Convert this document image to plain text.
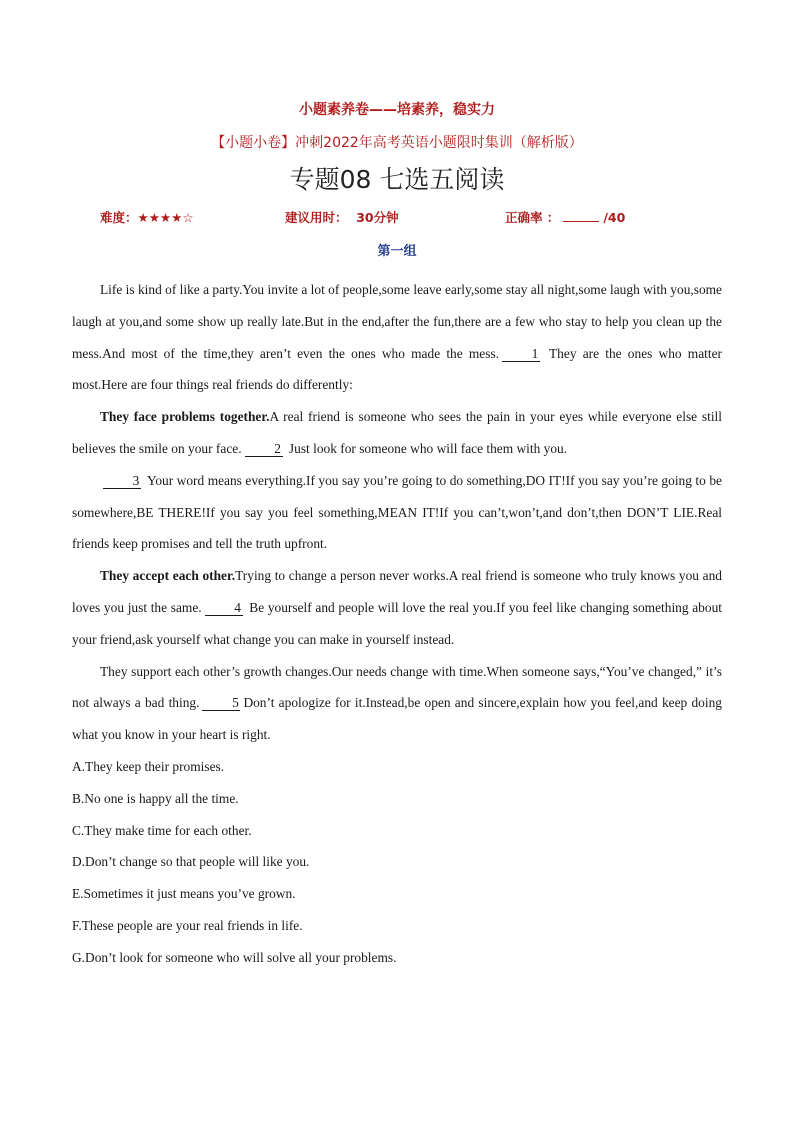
小题素养卷——培素养，稳实力
【小题小卷】冲刺2022年高考英语小题限时集训（解析版）
专题08 七选五阅读
难度：★★★★☆	建议用时： 30分钟	正确率 ：	/40
第一组

Life is kind of like a party.You invite a lot of people,some leave early,some stay all night,some laugh with you,some laugh at you,and some show up really late.But in the end,after the fun,there are a few who stay to help you clean up the mess.And most of the time,they aren’t even the ones who made the mess. 1 They are the ones who matter most.Here are four things real friends do differently:

They face problems together.A real friend is someone who sees the pain in your eyes while everyone else still believes the smile on your face. 2 Just look for someone who will face them with you.

3 Your word means everything.If you say you’re going to do something,DO IT!If you say you’re going to be somewhere,BE THERE!If you say you feel something,MEAN IT!If you can’t,won’t,and don’t,then DON’T LIE.Real friends keep promises and tell the truth upfront.

They accept each other.Trying to change a person never works.A real friend is someone who truly knows you and loves you just the same. 4 Be yourself and people will love the real you.If you feel like changing something about your friend,ask yourself what change you can make in yourself instead.

They support each other’s growth changes.Our needs change with time.When someone says,“You’ve changed,” it’s not always a bad thing. 5 Don’t apologize for it.Instead,be open and sincere,explain how you feel,and keep doing what you know in your heart is right.

A.They keep their promises.

B.No one is happy all the time.

C.They make time for each other.

D.Don’t change so that people will like you.

E.Sometimes it just means you’ve grown.

F.These people are your real friends in life.

G.Don’t look for someone who will solve all your problems.
